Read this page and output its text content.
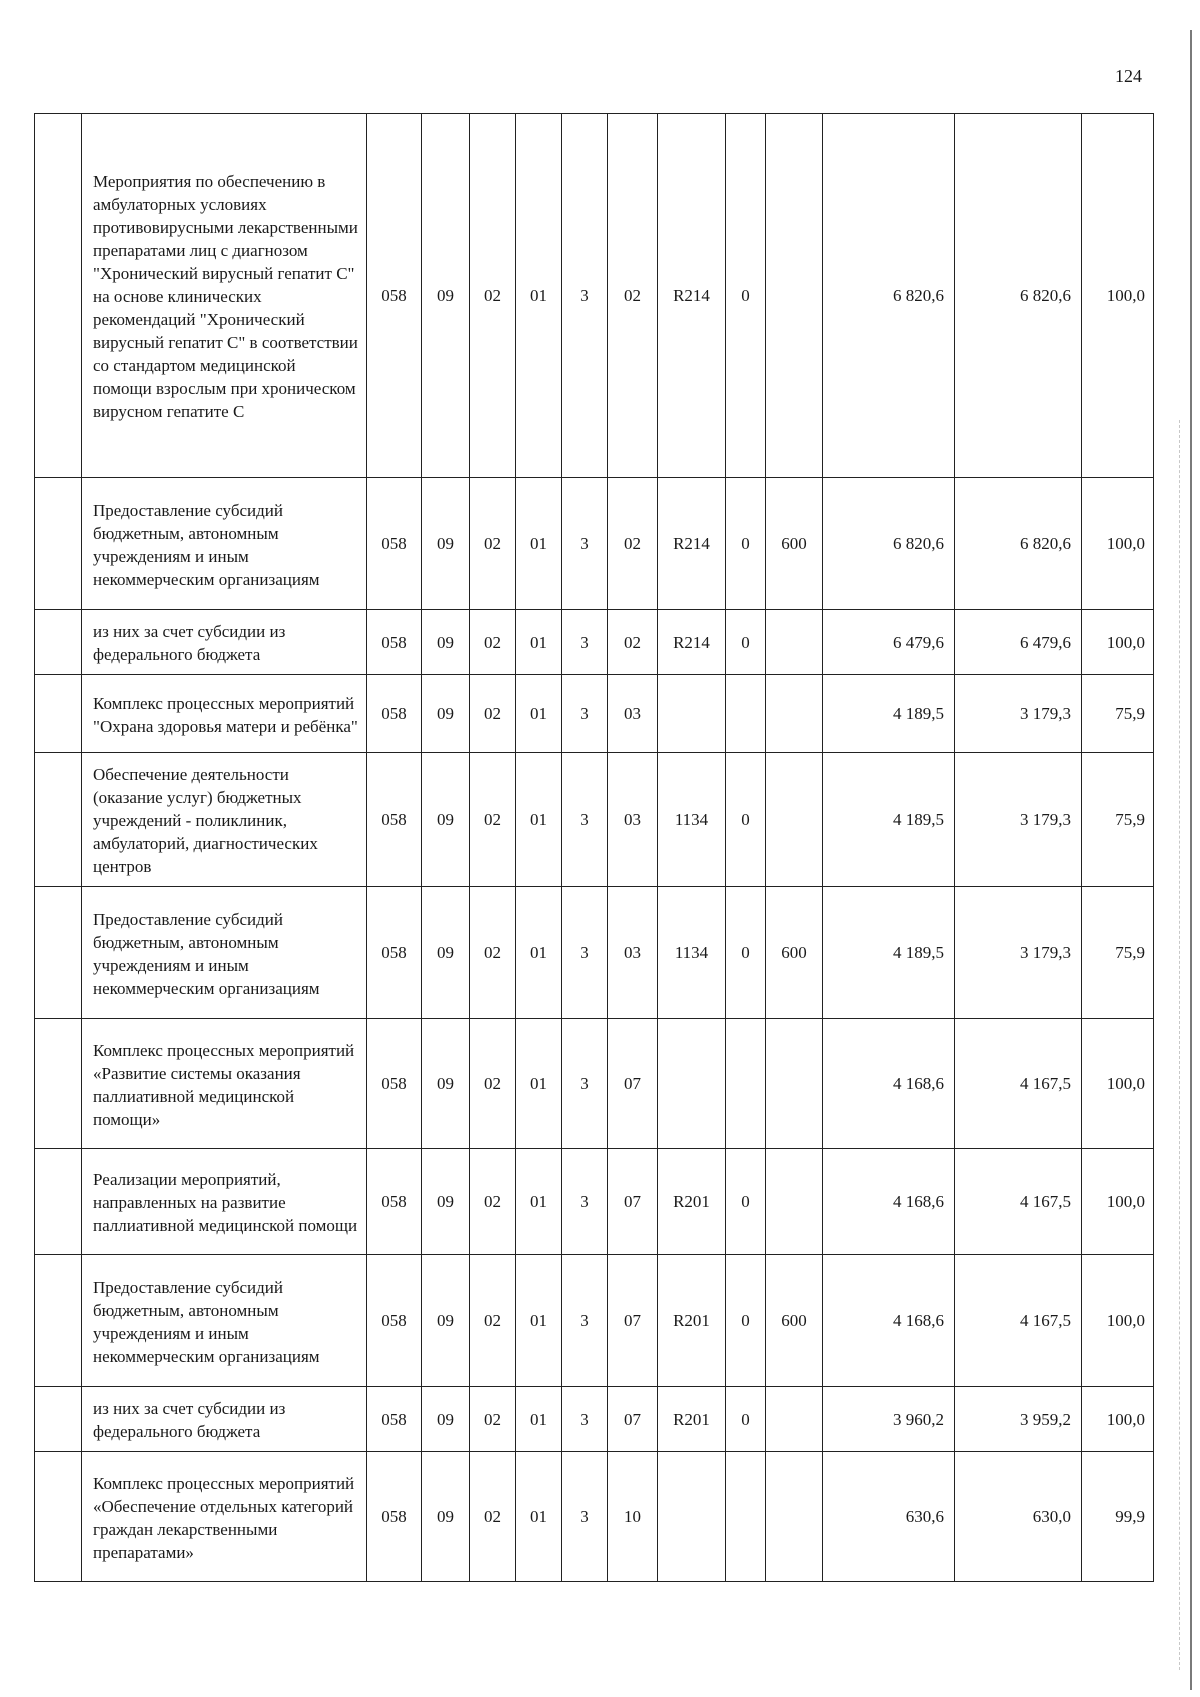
124
	Мероприятия по обеспечению в амбулаторных условиях противовирусными лекарственными препаратами лиц с диагнозом "Хронический вирусный гепатит С" на основе клинических рекомендаций "Хронический вирусный гепатит С" в соответствии со стандартом медицинской помощи взрослым при хроническом вирусном гепатите С	058	09	02	01	3	02	R214	0		6 820,6	6 820,6	100,0
	Предоставление субсидий бюджетным, автономным учреждениям и иным некоммерческим организациям	058	09	02	01	3	02	R214	0	600	6 820,6	6 820,6	100,0
	из них за счет субсидии из федерального бюджета	058	09	02	01	3	02	R214	0		6 479,6	6 479,6	100,0
	Комплекс процессных мероприятий "Охрана здоровья матери и ребёнка"	058	09	02	01	3	03				4 189,5	3 179,3	75,9
	Обеспечение деятельности (оказание услуг) бюджетных учреждений - поликлиник, амбулаторий, диагностических центров	058	09	02	01	3	03	1134	0		4 189,5	3 179,3	75,9
	Предоставление субсидий бюджетным, автономным учреждениям и иным некоммерческим организациям	058	09	02	01	3	03	1134	0	600	4 189,5	3 179,3	75,9
	Комплекс процессных мероприятий «Развитие системы оказания паллиативной медицинской помощи»	058	09	02	01	3	07				4 168,6	4 167,5	100,0
	Реализации мероприятий, направленных на развитие паллиативной медицинской помощи	058	09	02	01	3	07	R201	0		4 168,6	4 167,5	100,0
	Предоставление субсидий бюджетным, автономным учреждениям и иным некоммерческим организациям	058	09	02	01	3	07	R201	0	600	4 168,6	4 167,5	100,0
	из них за счет субсидии из федерального бюджета	058	09	02	01	3	07	R201	0		3 960,2	3 959,2	100,0
	Комплекс процессных мероприятий «Обеспечение отдельных категорий граждан лекарственными препаратами»	058	09	02	01	3	10				630,6	630,0	99,9
